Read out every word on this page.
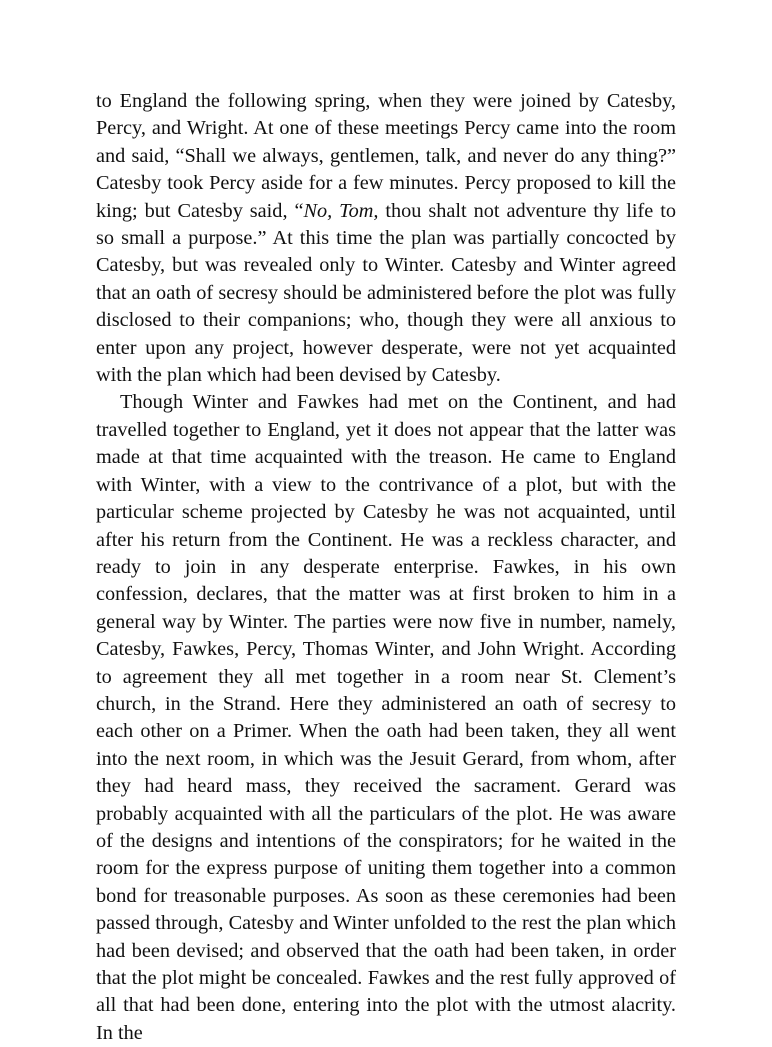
to England the following spring, when they were joined by Catesby, Percy, and Wright. At one of these meetings Percy came into the room and said, “Shall we always, gentlemen, talk, and never do any thing?” Catesby took Percy aside for a few minutes. Percy proposed to kill the king; but Catesby said, “No, Tom, thou shalt not adventure thy life to so small a purpose.” At this time the plan was partially concocted by Catesby, but was revealed only to Winter. Catesby and Winter agreed that an oath of secresy should be administered before the plot was fully disclosed to their companions; who, though they were all anxious to enter upon any project, however desperate, were not yet acquainted with the plan which had been devised by Catesby.

Though Winter and Fawkes had met on the Continent, and had travelled together to England, yet it does not appear that the latter was made at that time acquainted with the treason. He came to England with Winter, with a view to the contrivance of a plot, but with the particular scheme projected by Catesby he was not acquainted, until after his return from the Continent. He was a reckless character, and ready to join in any desperate enterprise. Fawkes, in his own confession, declares, that the matter was at first broken to him in a general way by Winter. The parties were now five in number, namely, Catesby, Fawkes, Percy, Thomas Winter, and John Wright. According to agreement they all met together in a room near St. Clement’s church, in the Strand. Here they administered an oath of secresy to each other on a Primer. When the oath had been taken, they all went into the next room, in which was the Jesuit Gerard, from whom, after they had heard mass, they received the sacrament. Gerard was probably acquainted with all the particulars of the plot. He was aware of the designs and intentions of the conspirators; for he waited in the room for the express purpose of uniting them together into a common bond for treasonable purposes. As soon as these ceremonies had been passed through, Catesby and Winter unfolded to the rest the plan which had been devised; and observed that the oath had been taken, in order that the plot might be concealed. Fawkes and the rest fully approved of all that had been done, entering into the plot with the utmost alacrity. In the
